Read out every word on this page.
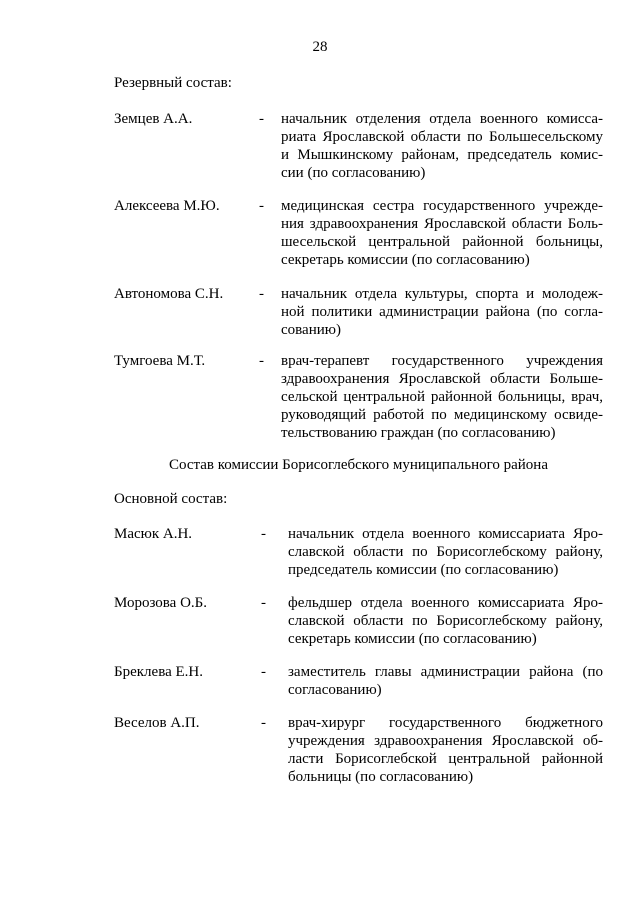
28
Резервный состав:
Земцев А.А.	- начальник отделения отдела военного комисса-
риата Ярославской области по Большесельскому
и Мышкинскому районам, председатель комис-
сии (по согласованию)
Алексеева М.Ю.	- медицинская сестра государственного учрежде-
ния здравоохранения Ярославской области Боль-
шесельской центральной районной больницы,
секретарь комиссии (по согласованию)
Автономова С.Н. - начальник отдела культуры, спорта и молодеж-
ной политики администрации района (по согла-
сованию)
Тумгоева М.Т.	- врач-терапевт государственного учреждения
здравоохранения Ярославской области Больше-
сельской центральной районной больницы, врач,
руководящий работой по медицинскому освиде-
тельствованию граждан (по согласованию)
Состав комиссии Борисоглебского муниципального района
Основной состав:
Масюк А.Н.	- начальник отдела военного комиссариата Яро-
славской области по Борисоглебскому району,
председатель комиссии (по согласованию)
Морозова О.Б.	- фельдшер отдела военного комиссариата Яро-
славской области по Борисоглебскому району,
секретарь комиссии (по согласованию)
Бреклева Е.Н.	- заместитель главы администрации района (по
согласованию)
Веселов А.П.	- врач-хирург государственного бюджетного
учреждения здравоохранения Ярославской об-
ласти Борисоглебской центральной районной
больницы (по согласованию)
